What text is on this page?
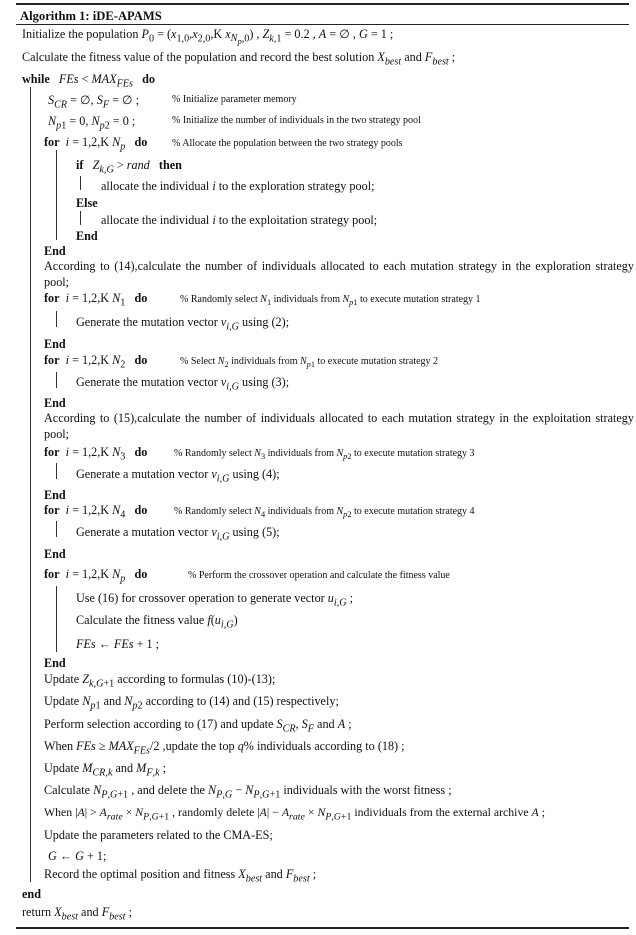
Algorithm 1: iDE-APAMS
Initialize the population $P_0 = (x_{1,0},x_{2,0},K$ $x_{N_p,0}$) , $Z_{k,1} = 0.2$ , A = ∅ , G = 1 ;
Calculate the fitness value of the population and record the best solution $X_{best}$ and $F_{best}$ ;
while FEs < $MAX_{FEs}$ do
$S_{CR}$ = ∅, $S_F$ = ∅ ;	% Initialize parameter memory
$N_{p1} = 0$, $N_{p2} = 0$ ;	% Initialize the number of individuals in the two strategy pool
for i = 1,2,K $N_p$ do % Allocate the population between the two strategy pools
if $Z_{k,G}$ > rand then
allocate the individual i to the exploration strategy pool;
Else
allocate the individual i to the exploitation strategy pool;
End
End
According to (14),calculate the number of individuals allocated to each mutation strategy in the exploration strategy pool;
for i = 1,2,K $N_1$ do	% Randomly select $N_1$ individuals from $N_{p1}$ to execute mutation strategy 1
Generate the mutation vector $v_{i,G}$ using (2);
End
for i = 1,2,K $N_2$ do	% Select $N_2$ individuals from $N_{p1}$ to execute mutation strategy 2
Generate the mutation vector $v_{i,G}$ using (3);
End
According to (15),calculate the number of individuals allocated to each mutation strategy in the exploitation strategy pool;
for i = 1,2,K $N_3$ do	% Randomly select $N_3$ individuals from $N_{p2}$ to execute mutation strategy 3
Generate a mutation vector $v_{i,G}$ using (4);
End
for i = 1,2,K $N_4$ do	% Randomly select $N_4$ individuals from $N_{p2}$ to execute mutation strategy 4
Generate a mutation vector $v_{i,G}$ using (5);
End
for i = 1,2,K $N_p$ do	% Perform the crossover operation and calculate the fitness value
Use (16) for crossover operation to generate vector $u_{i,G}$ ;
Calculate the fitness value $f(u_{i,G})$
FEs ← FEs + 1 ;
End
Update $Z_{k,G+1}$ according to formulas (10)-(13);
Update $N_{p1}$ and $N_{p2}$ according to (14) and (15) respectively;
Perform selection according to (17) and update $S_{CR}$, $S_F$ and A ;
When FEs ≥ $MAX_{FEs}/2$ ,update the top q% individuals according to (18) ;
Update $M_{CR,k}$ and $M_{F,k}$ ;
Calculate $N_{P,G+1}$ , and delete the $N_{P,G} - N_{P,G+1}$ individuals with the worst fitness ;
When $|A| > A_{rate} \times N_{P,G+1}$ , randomly delete $|A| - A_{rate} \times N_{P,G+1}$ individuals from the external archive A ;
Update the parameters related to the CMA-ES;
G ← G + 1;
Record the optimal position and fitness $X_{best}$ and $F_{best}$ ;
end
return $X_{best}$ and $F_{best}$ ;
